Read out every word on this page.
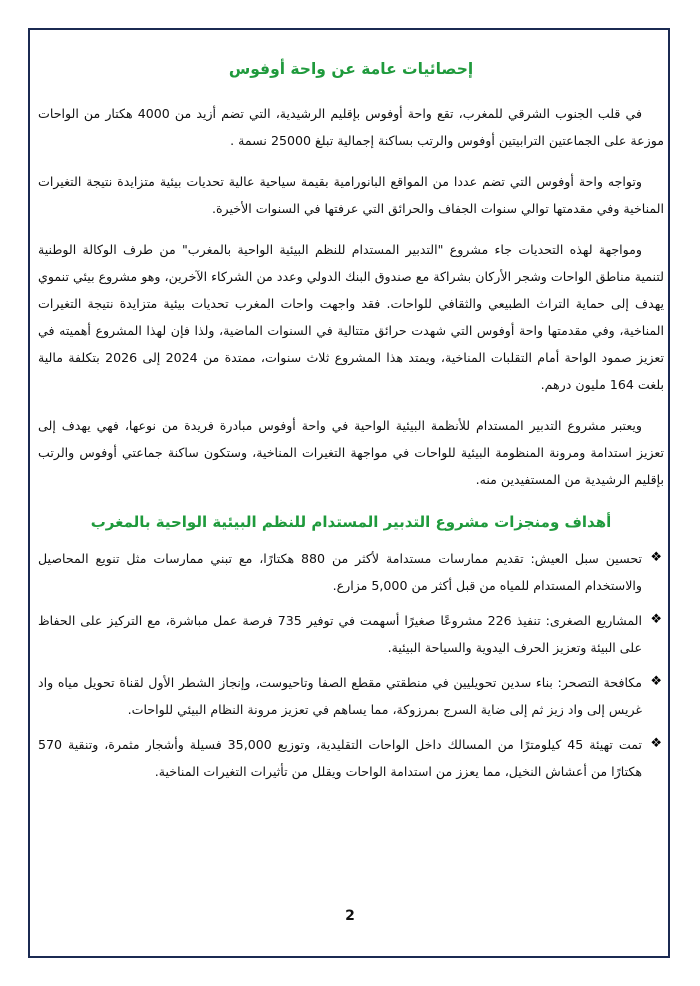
إحصائيات عامة عن واحة أوفوس

في قلب الجنوب الشرقي للمغرب، تقع واحة أوفوس بإقليم الرشيدية، التي تضم أزيد من 4000 هكتار من الواحات موزعة على الجماعتين الترابيتين أوفوس والرتب بساكنة إجمالية تبلغ 25000 نسمة .

وتواجه واحة أوفوس التي تضم عددا من المواقع البانورامية بقيمة سياحية عالية تحديات بيئية متزايدة نتيجة التغيرات المناخية وفي مقدمتها توالي سنوات الجفاف والحرائق التي عرفتها في السنوات الأخيرة.

ومواجهة لهذه التحديات جاء مشروع "التدبير المستدام للنظم البيئية الواحية بالمغرب" من طرف الوكالة الوطنية لتنمية مناطق الواحات وشجر الأركان بشراكة مع صندوق البنك الدولي وعدد من الشركاء الآخرين، وهو مشروع بيئي تنموي يهدف إلى حماية التراث الطبيعي والثقافي للواحات. فقد واجهت واحات المغرب تحديات بيئية متزايدة نتيجة التغيرات المناخية، وفي مقدمتها واحة أوفوس التي شهدت حرائق متتالية في السنوات الماضية، ولذا فإن لهذا المشروع أهميته في تعزيز صمود الواحة أمام التقلبات المناخية، ويمتد هذا المشروع ثلاث سنوات، ممتدة من 2024 إلى 2026 بتكلفة مالية بلغت 164 مليون درهم.

ويعتبر مشروع التدبير المستدام للأنظمة البيئية الواحية في واحة أوفوس مبادرة فريدة من نوعها، فهي يهدف إلى تعزيز استدامة ومرونة المنظومة البيئية للواحات في مواجهة التغيرات المناخية، وستكون ساكنة جماعتي أوفوس والرتب بإقليم الرشيدية من المستفيدين منه.

أهداف ومنجزات مشروع التدبير المستدام للنظم البيئية الواحية بالمغرب
❖
تحسين سبل العيش: تقديم ممارسات مستدامة لأكثر من 880 هكتارًا، مع تبني ممارسات مثل تنويع المحاصيل والاستخدام المستدام للمياه من قبل أكثر من 5,000 مزارع.
❖
المشاريع الصغرى: تنفيذ 226 مشروعًا صغيرًا أسهمت في توفير 735 فرصة عمل مباشرة، مع التركيز على الحفاظ على البيئة وتعزيز الحرف اليدوية والسياحة البيئية.
❖
مكافحة التصحر: بناء سدين تحويليين في منطقتي مقطع الصفا وتاحيوست، وإنجاز الشطر الأول لقناة تحويل مياه واد غريس إلى واد زيز ثم إلى ضاية السرج بمرزوكة، مما يساهم في تعزيز مرونة النظام البيئي للواحات.
❖
تمت تهيئة 45 كيلومترًا من المسالك داخل الواحات التقليدية، وتوزيع 35,000 فسيلة وأشجار مثمرة، وتنقية 570 هكتارًا من أعشاش النخيل، مما يعزز من استدامة الواحات ويقلل من تأثيرات التغيرات المناخية.
2
